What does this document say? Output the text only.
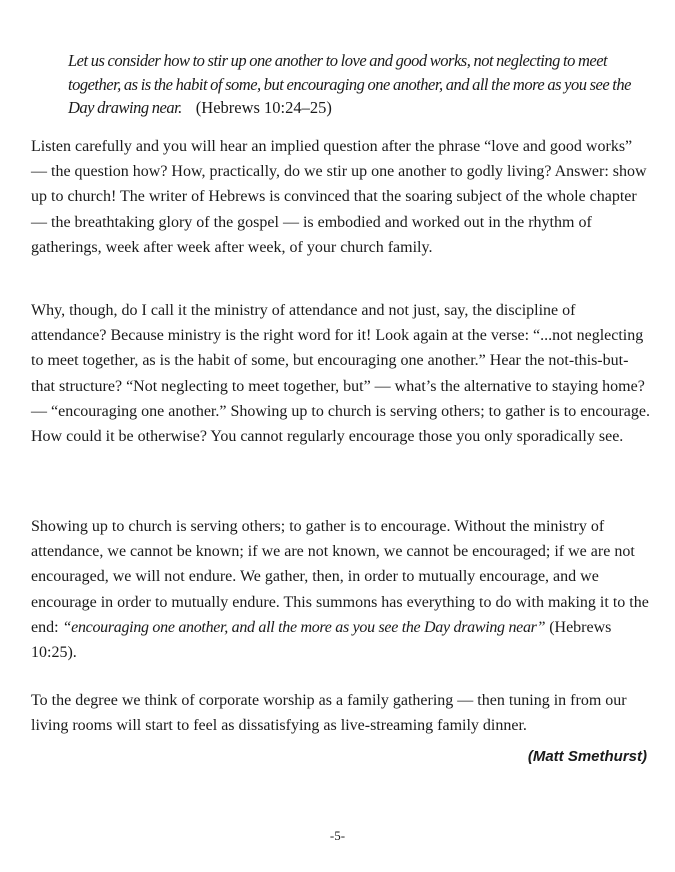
Let us consider how to stir up one another to love and good works, not neglecting to meet together, as is the habit of some, but encouraging one another, and all the more as you see the Day drawing near. (Hebrews 10:24–25)

Listen carefully and you will hear an implied question after the phrase “love and good works” — the question how? How, practically, do we stir up one another to godly living? Answer: show up to church! The writer of Hebrews is convinced that the soaring subject of the whole chapter — the breathtaking glory of the gospel — is embodied and worked out in the rhythm of gatherings, week after week after week, of your church family.

Why, though, do I call it the ministry of attendance and not just, say, the discipline of attendance? Because ministry is the right word for it! Look again at the verse: “...not neglecting to meet together, as is the habit of some, but encouraging one another.” Hear the not-this-but-that structure? “Not neglecting to meet together, but” — what’s the alternative to staying home? — “encouraging one another.” Showing up to church is serving others; to gather is to encourage. How could it be otherwise? You cannot regularly encourage those you only sporadically see.

Showing up to church is serving others; to gather is to encourage. Without the ministry of attendance, we cannot be known; if we are not known, we cannot be encouraged; if we are not encouraged, we will not endure. We gather, then, in order to mutually encourage, and we encourage in order to mutually endure. This summons has everything to do with making it to the end: “encouraging one another, and all the more as you see the Day drawing near” (Hebrews 10:25).

To the degree we think of corporate worship as a family gathering — then tuning in from our living rooms will start to feel as dissatisfying as live-streaming family dinner.

(Matt Smethurst)
-5-
